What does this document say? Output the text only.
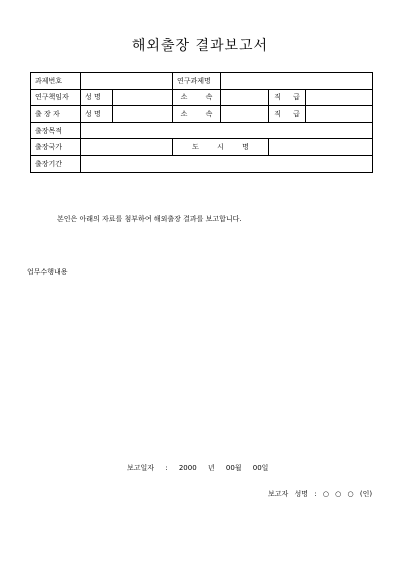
해외출장 결과보고서
과제번호			연구과제명			
연구책임자	성 명		소 속		직 급	
출 장 자	성 명		소 속		직 급	
출장목적						
출장국가			도 시 명			
출장기간						
본인은 아래의 자료를 첨부하여 해외출장 결과를 보고합니다.
업무수행내용
보고일자 : 2000 년 00월 00일
보고자 성명 : ○ ○ ○ (인)
